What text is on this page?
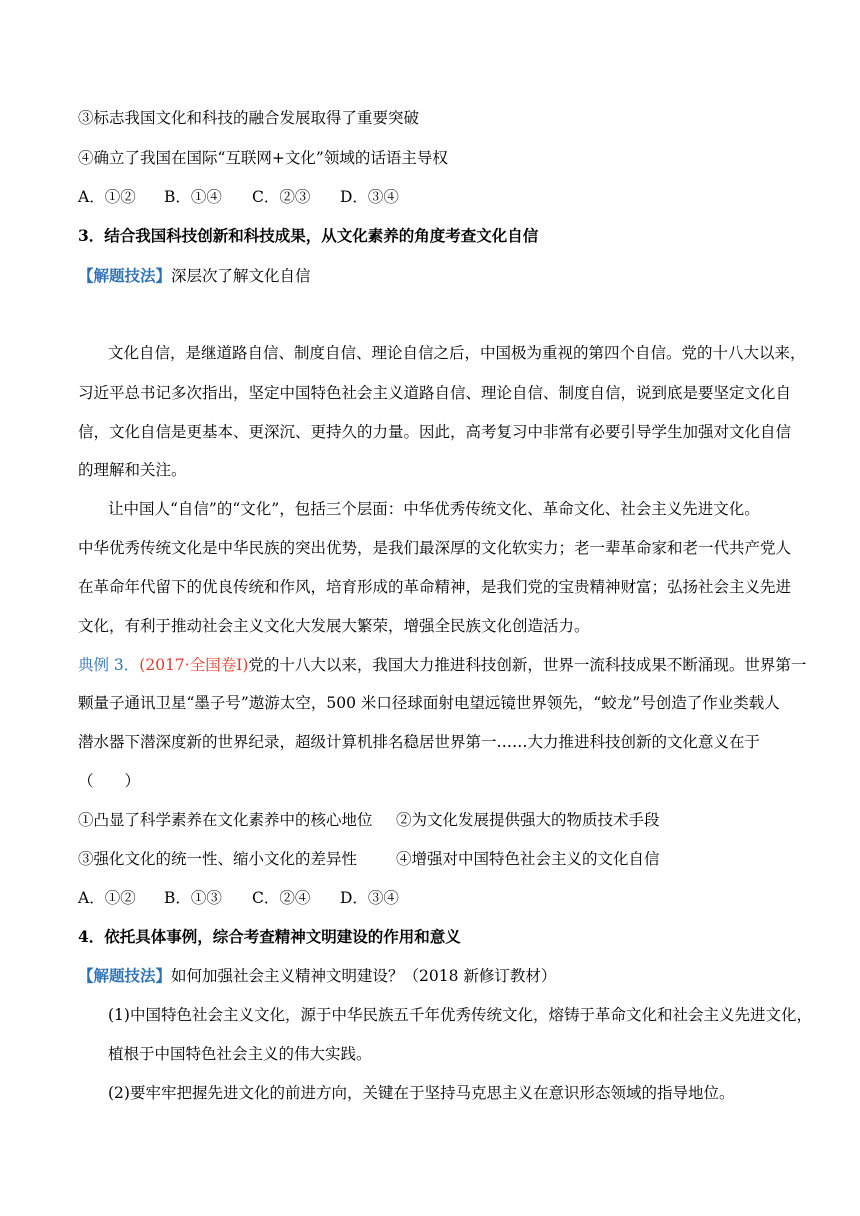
③标志我国文化和科技的融合发展取得了重要突破
④确立了我国在国际“互联网+文化”领域的话语主导权
A．①② B．①④ C．②③ D．③④
3．结合我国科技创新和科技成果，从文化素养的角度考查文化自信
【解题技法】深层次了解文化自信
文化自信，是继道路自信、制度自信、理论自信之后，中国极为重视的第四个自信。党的十八大以来，
习近平总书记多次指出，坚定中国特色社会主义道路自信、理论自信、制度自信，说到底是要坚定文化自
信，文化自信是更基本、更深沉、更持久的力量。因此，高考复习中非常有必要引导学生加强对文化自信
的理解和关注。
让中国人“自信”的“文化”，包括三个层面：中华优秀传统文化、革命文化、社会主义先进文化。
中华优秀传统文化是中华民族的突出优势，是我们最深厚的文化软实力；老一辈革命家和老一代共产党人
在革命年代留下的优良传统和作风，培育形成的革命精神，是我们党的宝贵精神财富；弘扬社会主义先进
文化，有利于推动社会主义文化大发展大繁荣，增强全民族文化创造活力。
典例 3．(2017·全国卷Ⅰ)党的十八大以来，我国大力推进科技创新，世界一流科技成果不断涌现。世界第一
颗量子通讯卫星“墨子号”遨游太空，500 米口径球面射电望远镜世界领先，“蛟龙”号创造了作业类载人
潜水器下潜深度新的世界纪录，超级计算机排名稳居世界第一……大力推进科技创新的文化意义在于
（　　）
①凸显了科学素养在文化素养中的核心地位 ②为文化发展提供强大的物质技术手段
③强化文化的统一性、缩小文化的差异性	④增强对中国特色社会主义的文化自信
A．①② B．①③ C．②④ D．③④
4．依托具体事例，综合考查精神文明建设的作用和意义
【解题技法】如何加强社会主义精神文明建设？（2018 新修订教材）
(1)中国特色社会主义文化，源于中华民族五千年优秀传统文化，熔铸于革命文化和社会主义先进文化，
植根于中国特色社会主义的伟大实践。
(2)要牢牢把握先进文化的前进方向，关键在于坚持马克思主义在意识形态领域的指导地位。
